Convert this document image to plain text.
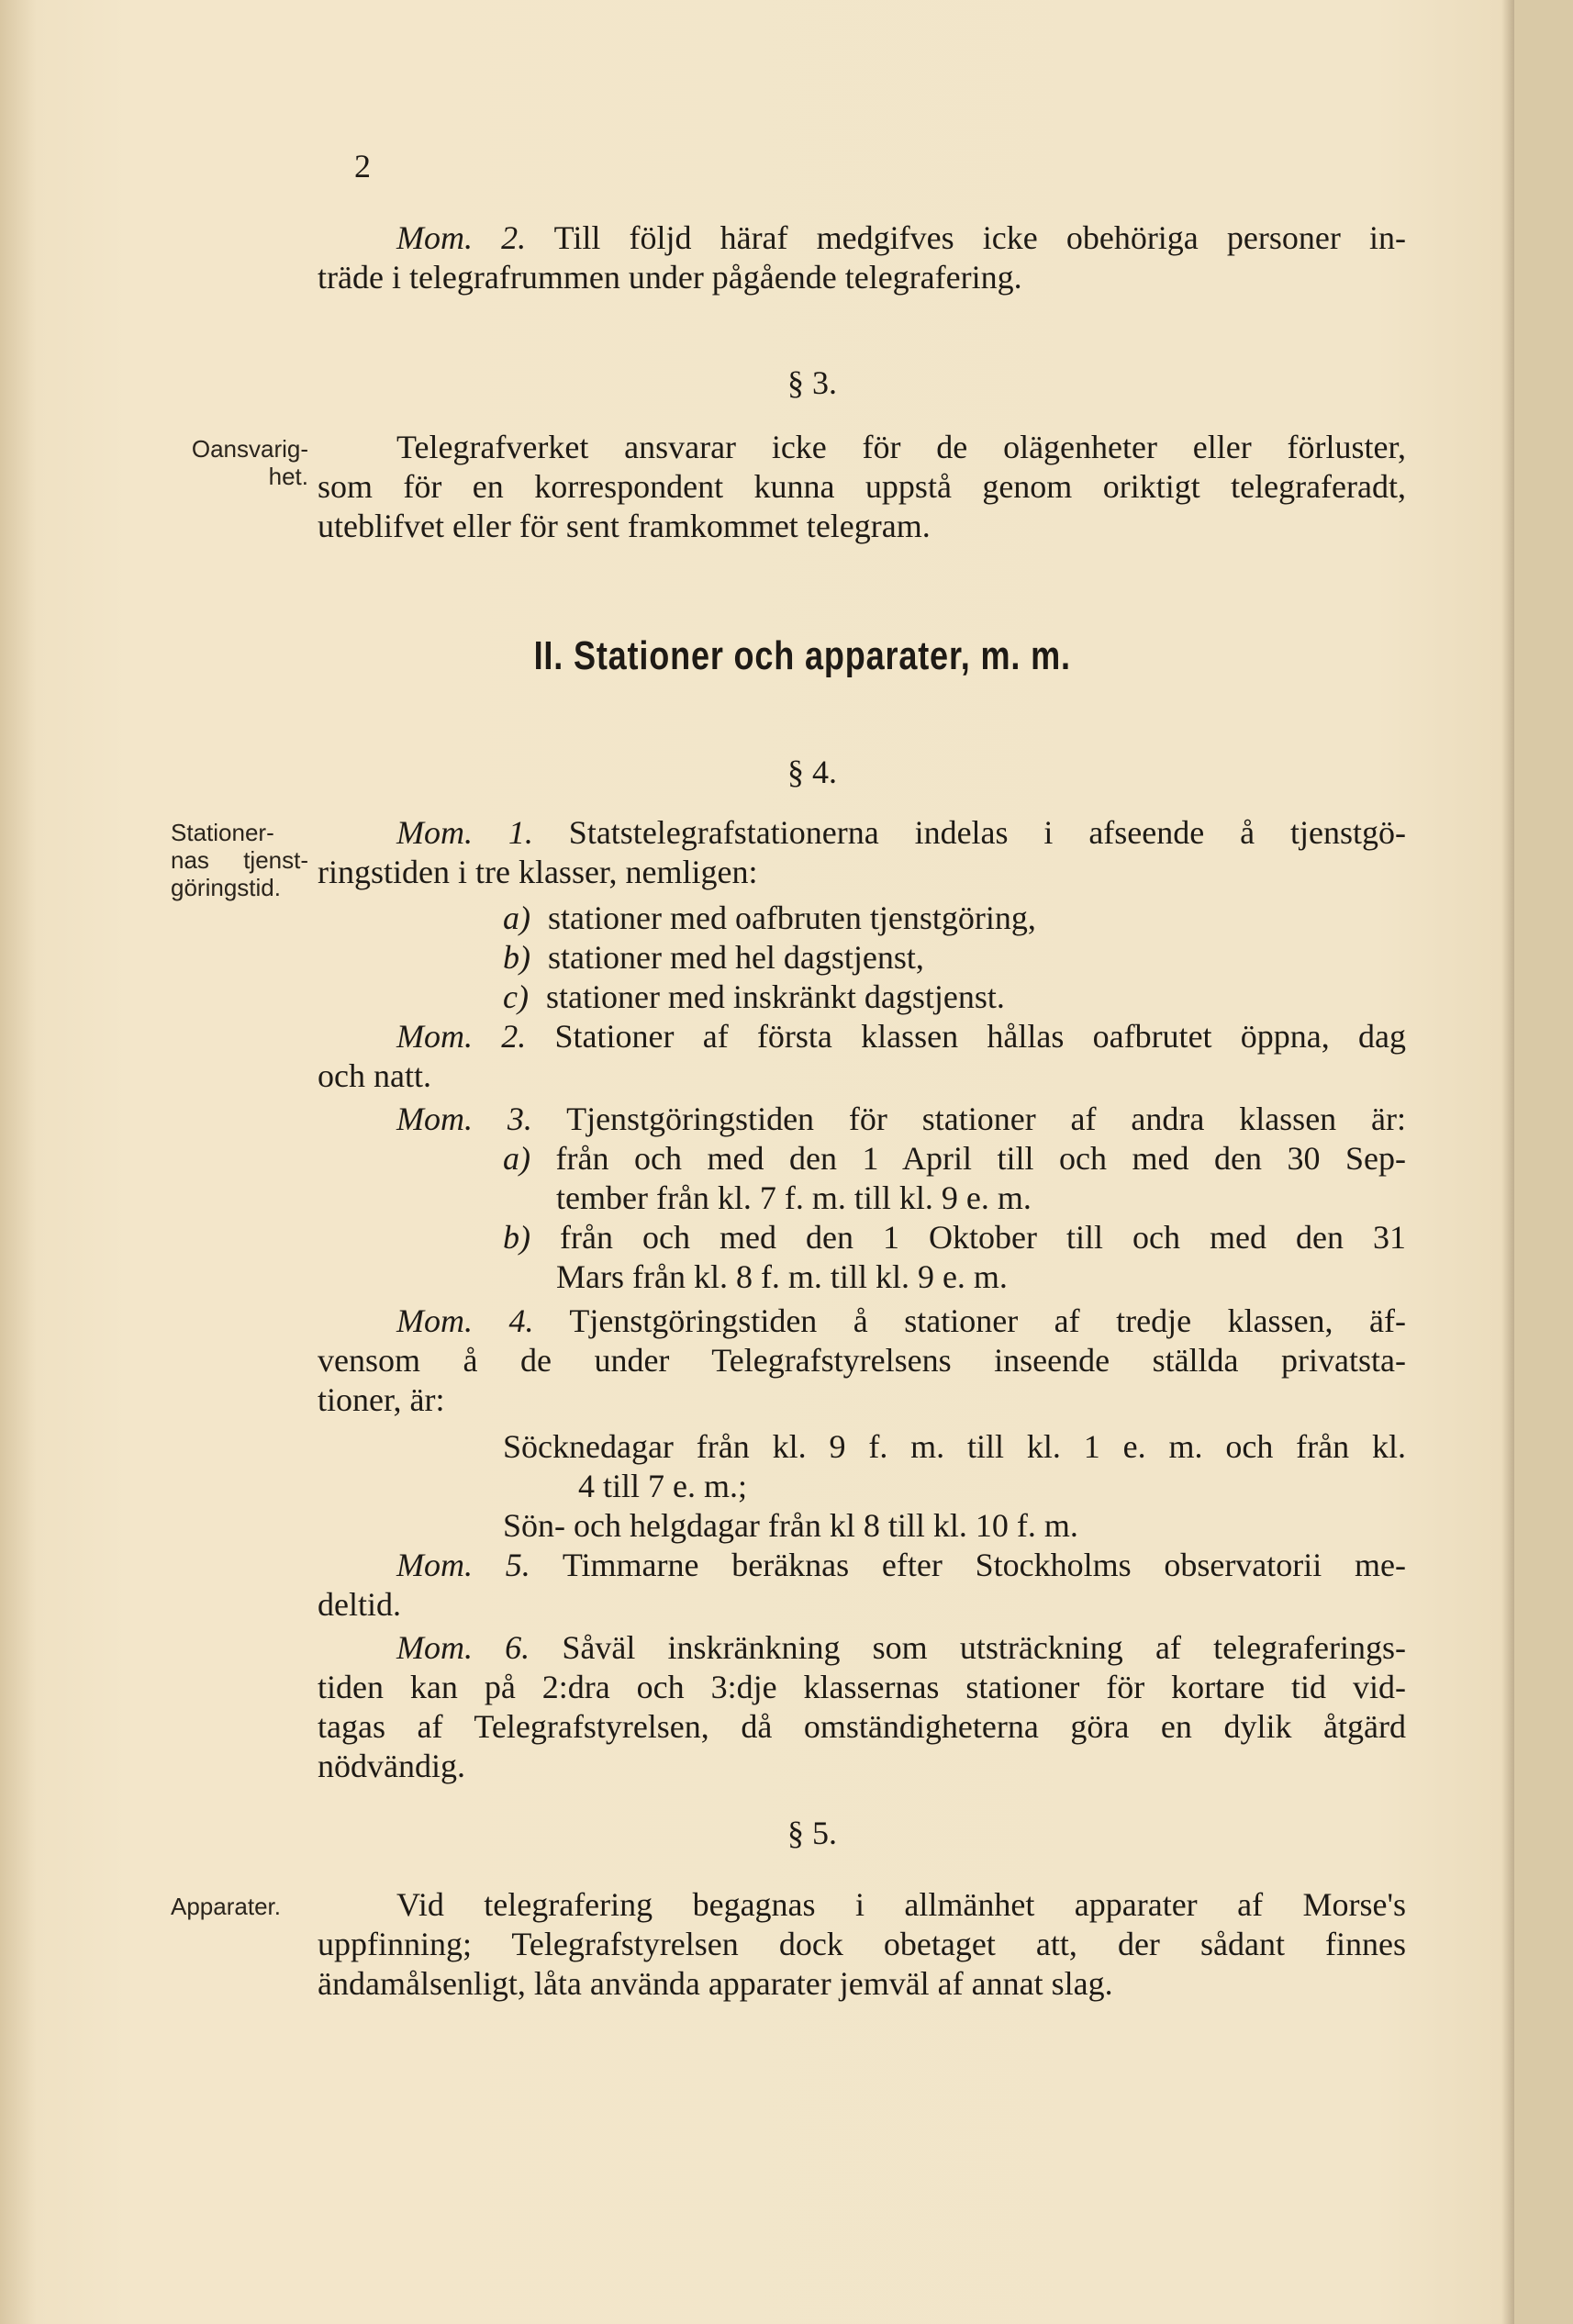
2
Mom. 2. Till följd häraf medgifves icke obehöriga personer in-
träde i telegrafrummen under pågående telegrafering.
§ 3.
Oansvarig-
het.
Telegrafverket ansvarar icke för de olägenheter eller förluster,
som för en korrespondent kunna uppstå genom oriktigt telegraferadt,
uteblifvet eller för sent framkommet telegram.
II. Stationer och apparater, m. m.
§ 4.
Stationer-
nas tjenst-
göringstid.
Mom. 1. Statstelegrafstationerna indelas i afseende å tjenstgö-
ringstiden i tre klasser, nemligen:
a) stationer med oafbruten tjenstgöring,
b) stationer med hel dagstjenst,
c) stationer med inskränkt dagstjenst.
Mom. 2. Stationer af första klassen hållas oafbrutet öppna, dag
och natt.
Mom. 3. Tjenstgöringstiden för stationer af andra klassen är:
a) från och med den 1 April till och med den 30 Sep-
tember från kl. 7 f. m. till kl. 9 e. m.
b) från och med den 1 Oktober till och med den 31
Mars från kl. 8 f. m. till kl. 9 e. m.
Mom. 4. Tjenstgöringstiden å stationer af tredje klassen, äf-
vensom å de under Telegrafstyrelsens inseende ställda privatsta-
tioner, är:
Söcknedagar från kl. 9 f. m. till kl. 1 e. m. och från kl.
4 till 7 e. m.;
Sön- och helgdagar från kl 8 till kl. 10 f. m.
Mom. 5. Timmarne beräknas efter Stockholms observatorii me-
deltid.
Mom. 6. Såväl inskränkning som utsträckning af telegraferings-
tiden kan på 2:dra och 3:dje klassernas stationer för kortare tid vid-
tagas af Telegrafstyrelsen, då omständigheterna göra en dylik åtgärd
nödvändig.
§ 5.
Apparater.	Vid telegrafering begagnas i allmänhet apparater af Morse's
uppfinning; Telegrafstyrelsen dock obetaget att, der sådant finnes
ändamålsenligt, låta använda apparater jemväl af annat slag.
